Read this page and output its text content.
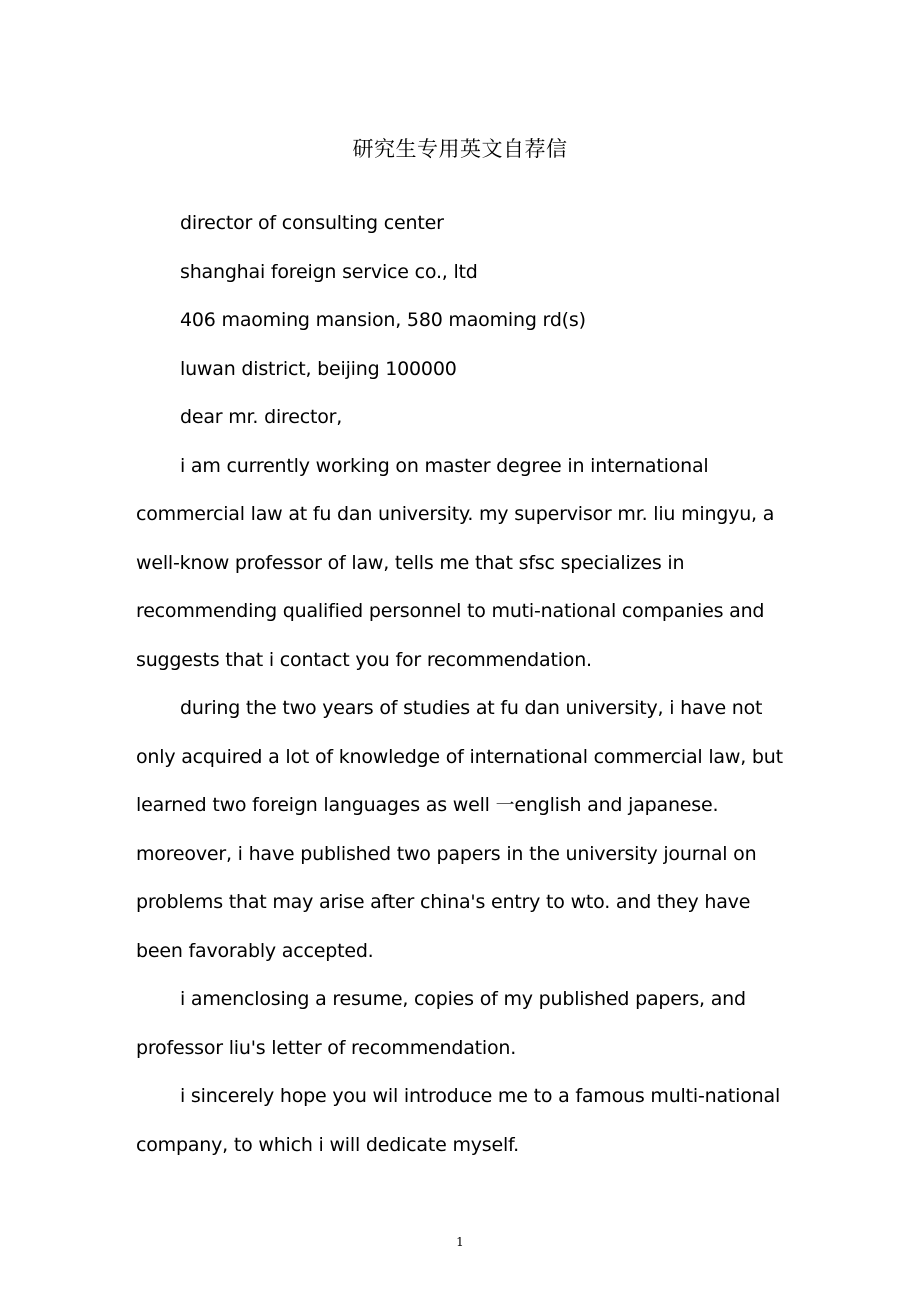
研究生专用英文自荐信

director of consulting center

shanghai foreign service co., ltd

406 maoming mansion, 580 maoming rd(s)

luwan district, beijing 100000

dear mr. director,

i am currently working on master degree in international commercial law at fu dan university. my supervisor mr. liu mingyu, a well-know professor of law, tells me that sfsc specializes in recommending qualified personnel to muti-national companies and suggests that i contact you for recommendation.

during the two years of studies at fu dan university, i have not only acquired a lot of knowledge of international commercial law, but learned two foreign languages as well 一english and japanese. moreover, i have published two papers in the university journal on problems that may arise after china's entry to wto. and they have been favorably accepted.

i amenclosing a resume, copies of my published papers, and professor liu's letter of recommendation.

i sincerely hope you wil introduce me to a famous multi-national company, to which i will dedicate myself.

1
